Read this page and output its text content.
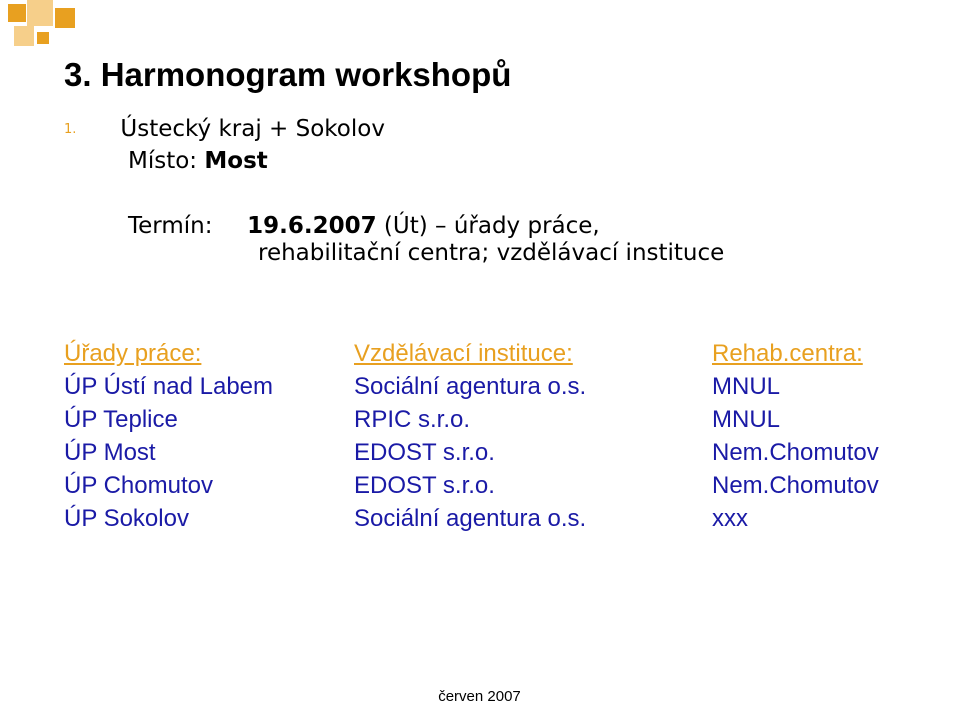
3. Harmonogram workshopů
1. Ústecký kraj + Sokolov
Místo: Most
Termín: 19.6.2007 (Út) – úřady práce,
rehabilitační centra; vzdělávací instituce
Úřady práce:
ÚP Ústí nad Labem
ÚP Teplice
ÚP Most
ÚP Chomutov
ÚP Sokolov
Vzdělávací instituce:
Sociální agentura o.s.
RPIC s.r.o.
EDOST s.r.o.
EDOST s.r.o.
Sociální agentura o.s.
Rehab.centra:
MNUL
MNUL
Nem.Chomutov
Nem.Chomutov
xxx
červen 2007
